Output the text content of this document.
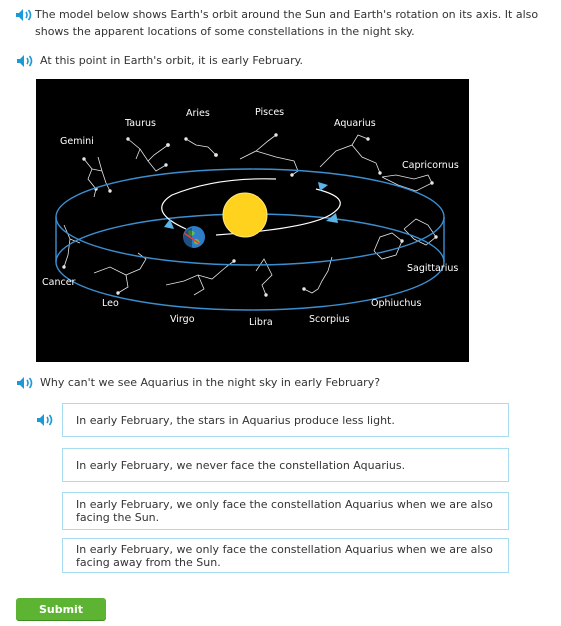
The model below shows Earth's orbit around the Sun and Earth's rotation on its axis. It also shows the apparent locations of some constellations in the night sky.
At this point in Earth's orbit, it is early February.
Aries	Pisces
Taurus	Aquarius
Gemini
Capricornus
Cancer
Sagittarius
Leo	Ophiuchus
Virgo	Libra	Scorpius
Why can't we see Aquarius in the night sky in early February?
In early February, the stars in Aquarius produce less light.
In early February, we never face the constellation Aquarius.
In early February, we only face the constellation Aquarius when we are also facing the Sun.
In early February, we only face the constellation Aquarius when we are also facing away from the Sun.
Submit
